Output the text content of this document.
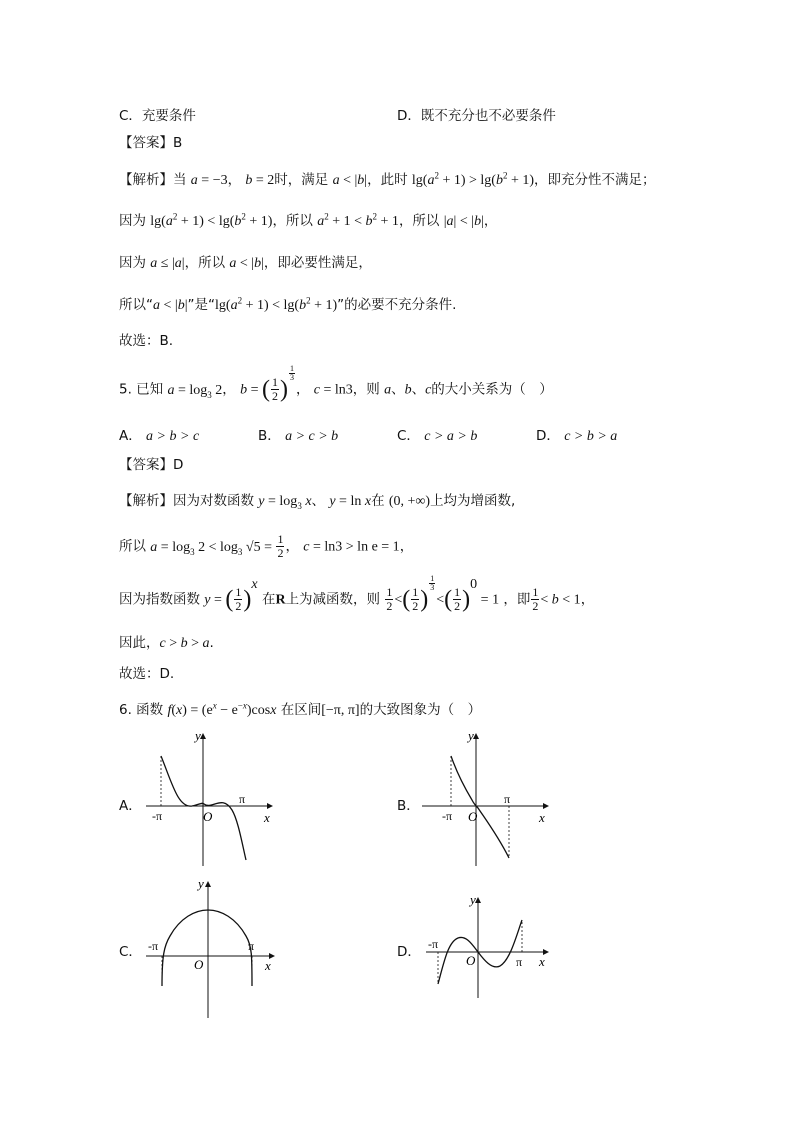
C．充要条件	D．既不充分也不必要条件
【答案】B
【解析】当 a = −3， b = 2时，满足 a < |b|，此时 $\lg(a^2 + 1) > \lg(b^2 + 1)$，即充分性不满足；
因为 $\lg(a^2 + 1) < \lg(b^2 + 1)$，所以 $a^2 + 1 < b^2 + 1$，所以 |a| < |b|，
因为 a ≤ |a|，所以 a < |b|，即必要性满足，
所以“a < |b|”是“$\lg(a^2 + 1) < \lg(b^2 + 1)$”的必要不充分条件.
故选：B.
5. 已知 $a = \log_3 2$， b = ( $\frac{1}{2}$ )
$^{\frac{1}{3}}$
， c = ln3，则 a、b、c的大小关系为（　）
A． a > b > c	B． a > c > b	C． c > a > b	D． c > b > a
【答案】D
【解析】因为对数函数 $y = \log_3 x$、 y = ln x在 (0, +∞)上均为增函数,
所以 $a = \log_3 2 < \log_3 √5 = \frac{1}{2}$ ， c = ln3 > ln e = 1，
因为指数函数 y = ( $\frac{1}{2} )^x$ 在R上为减函数，则 $\frac{1}{2}$ <( $\frac{1}{2}$ )
$^{\frac{1}{3}}$
<( $\frac{1}{2} )^0 = 1$ ，即 $\frac{1}{2} < b < 1$，
因此，c > b > a.
故选：D.
6. 函数 $f(x) = (e^x - e^{-x})\cos x$ 在区间[−π, π]的大致图象为（　）
A．	B．
C．	D．
y
x
O
-π
π
y
x
O
-π
π
y
x
O
-π	π
y
x
O
-π
π
